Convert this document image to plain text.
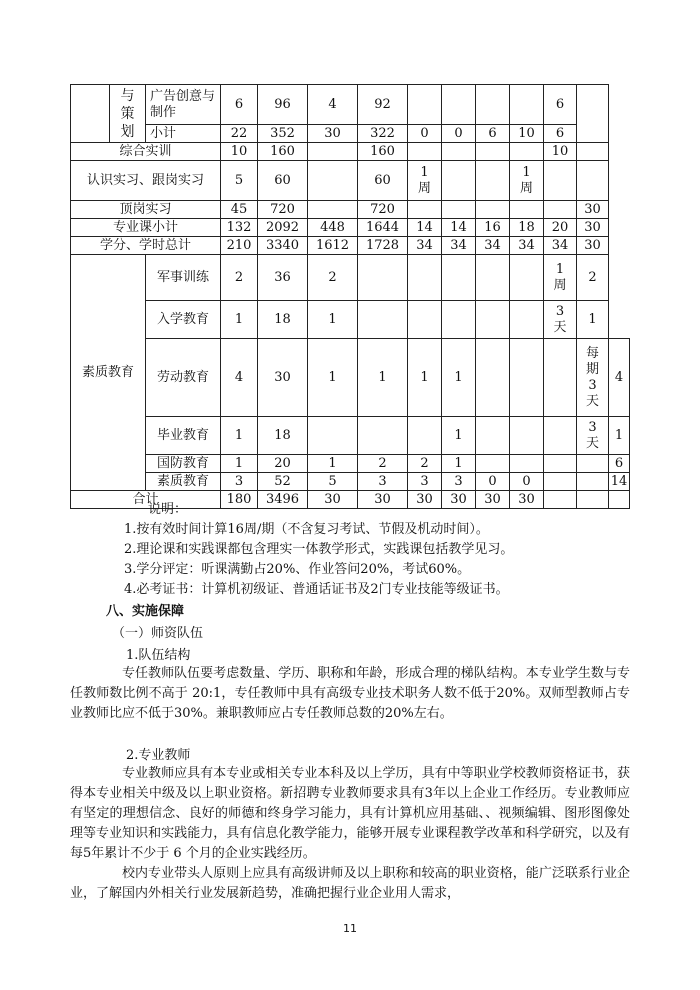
	与策划	广告创意与制作	6	96	4	92					6		
		小计	22	352	30	322	0	0	6	10	6		
综合实训			10	160		160					10		
认识实习、跟岗实习			5	60		60	1周			1周			

顶岗实习			45	720		720						30	
专业课小计			132	2092	448	1644	14	14	16	18	20	30	
学分、学时总计			210	3340	1612	1728	34	34	34	34	34	30	
素质教育		军事训练	2	36	2						1周	2	
		入学教育	1	18	1						3天	1	
		劳动教育	4	30	1	1	1	1				每期3天	4
		毕业教育	1	18				1				3天	1
		国防教育	1	20	1	2	2	1					6
		素质教育	3	52	5	3	3	3	0	0			14
合计			180	3496	30	30	30	30	30	30			
说明：
1.按有效时间计算16周/期（不含复习考试、节假及机动时间）。
2.理论课和实践课都包含理实一体教学形式，实践课包括教学见习。
3.学分评定：听课满勤占20%、作业答问20%，考试60%。
4.必考证书：计算机初级证、普通话证书及2门专业技能等级证书。
八、实施保障
（一）师资队伍
1.队伍结构
专任教师队伍要考虑数量、学历、职称和年龄，形成合理的梯队结构。本专业学生数与专任教师数比例不高于 20:1，专任教师中具有高级专业技术职务人数不低于20%。双师型教师占专业教师比应不低于30%。兼职教师应占专任教师总数的20%左右。
2.专业教师
专业教师应具有本专业或相关专业本科及以上学历，具有中等职业学校教师资格证书，获得本专业相关中级及以上职业资格。新招聘专业教师要求具有3年以上企业工作经历。专业教师应有坚定的理想信念、良好的师德和终身学习能力，具有计算机应用基础、、视频编辑、图形图像处理等专业知识和实践能力，具有信息化教学能力，能够开展专业课程教学改革和科学研究，以及有每5年累计不少于 6 个月的企业实践经历。
校内专业带头人原则上应具有高级讲师及以上职称和较高的职业资格，能广泛联系行业企业，了解国内外相关行业发展新趋势，准确把握行业企业用人需求，
11
